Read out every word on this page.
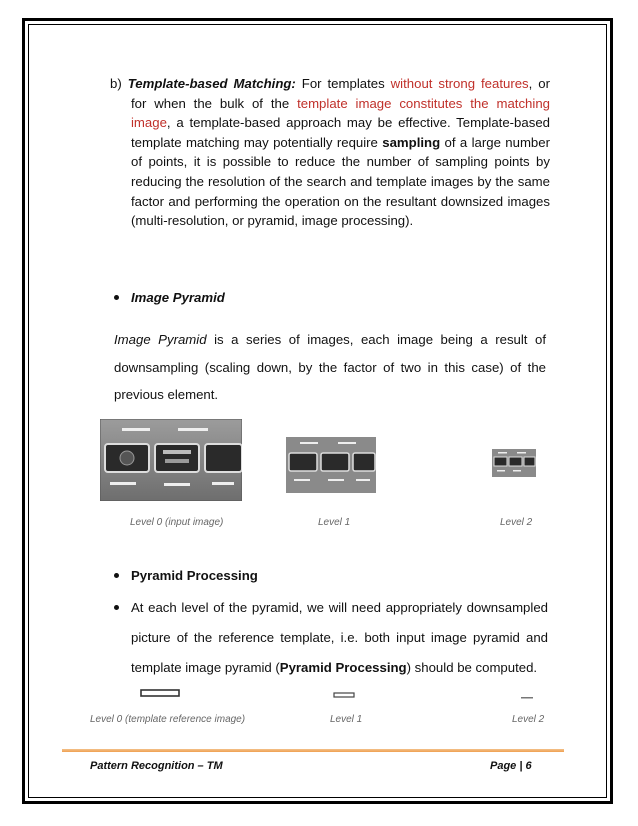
b) Template-based Matching: For templates without strong features, or for when the bulk of the template image constitutes the matching image, a template-based approach may be effective. Template-based template matching may potentially require sampling of a large number of points, it is possible to reduce the number of sampling points by reducing the resolution of the search and template images by the same factor and performing the operation on the resultant downsized images (multi-resolution, or pyramid, image processing).
Image Pyramid
Image Pyramid is a series of images, each image being a result of downsampling (scaling down, by the factor of two in this case) of the previous element.
Level 0 (input image)	Level 1	Level 2
Pyramid Processing
At each level of the pyramid, we will need appropriately downsampled picture of the reference template, i.e. both input image pyramid and template image pyramid (Pyramid Processing) should be computed.
Level 0 (template reference image)	Level 1	Level 2
Pattern Recognition – TM	Page | 6
